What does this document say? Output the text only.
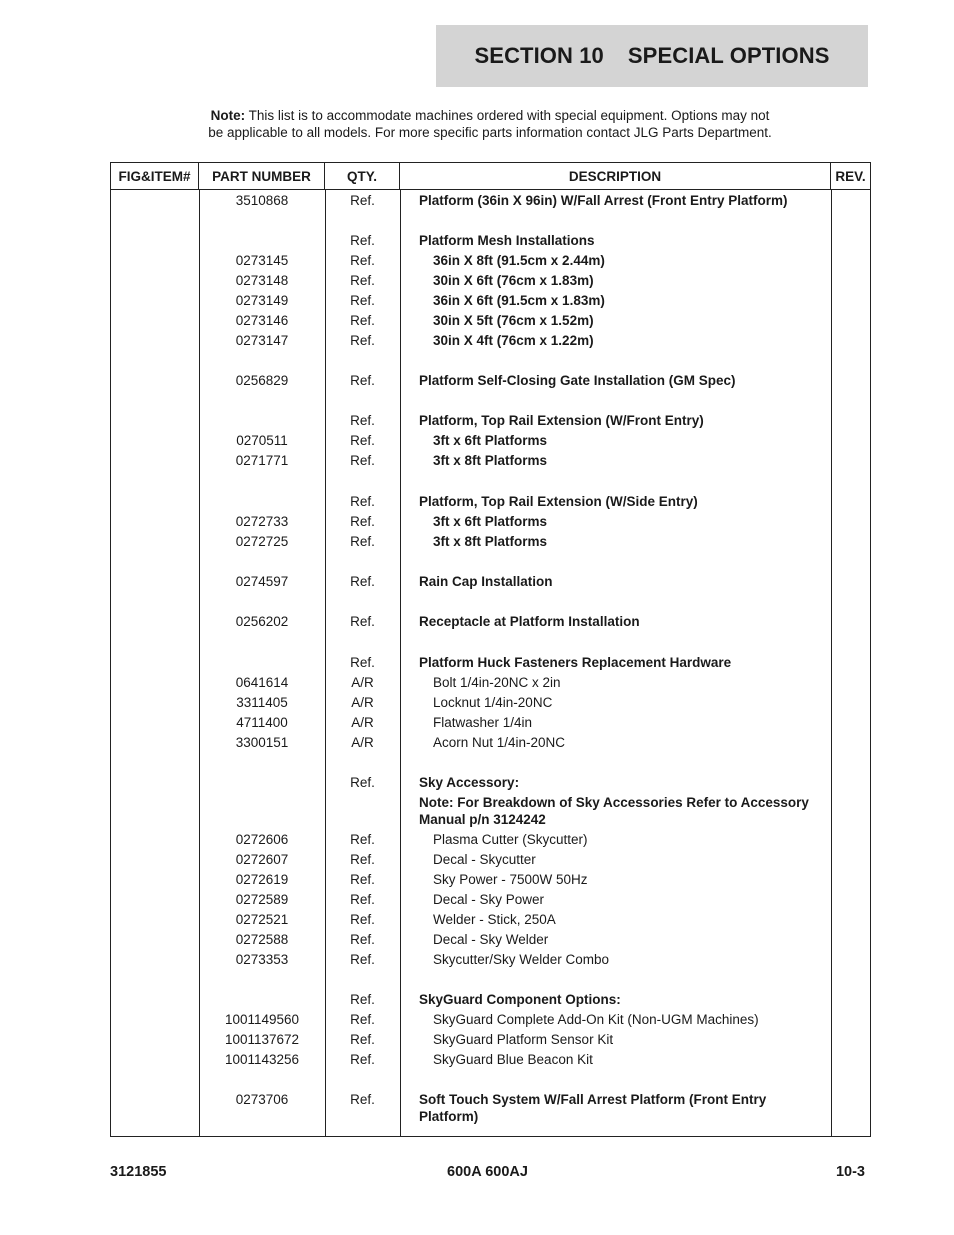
SECTION 10 SPECIAL OPTIONS
Note: This list is to accommodate machines ordered with special equipment. Options may not
be applicable to all models. For more specific parts information contact JLG Parts Department.
FIG&ITEM#	PART NUMBER	QTY.	DESCRIPTION	REV.
3510868	Ref.	Platform (36in X 96in) W/Fall Arrest (Front Entry Platform)
Ref.	Platform Mesh Installations
0273145	Ref.	36in X 8ft (91.5cm x 2.44m)
0273148	Ref.	30in X 6ft (76cm x 1.83m)
0273149	Ref.	36in X 6ft (91.5cm x 1.83m)
0273146	Ref.	30in X 5ft (76cm x 1.52m)
0273147	Ref.	30in X 4ft (76cm x 1.22m)
0256829	Ref.	Platform Self-Closing Gate Installation (GM Spec)
Ref.	Platform, Top Rail Extension (W/Front Entry)
0270511	Ref.	3ft x 6ft Platforms
0271771	Ref.	3ft x 8ft Platforms
Ref.	Platform, Top Rail Extension (W/Side Entry)
0272733	Ref.	3ft x 6ft Platforms
0272725	Ref.	3ft x 8ft Platforms
0274597	Ref.	Rain Cap Installation
0256202	Ref.	Receptacle at Platform Installation
Ref.	Platform Huck Fasteners Replacement Hardware
0641614	A/R	Bolt 1/4in-20NC x 2in
3311405	A/R	Locknut 1/4in-20NC
4711400	A/R	Flatwasher 1/4in
3300151	A/R	Acorn Nut 1/4in-20NC
Ref.	Sky Accessory:
Note: For Breakdown of Sky Accessories Refer to Accessory Manual p/n 3124242
0272606	Ref.	Plasma Cutter (Skycutter)
0272607	Ref.	Decal - Skycutter
0272619	Ref.	Sky Power - 7500W 50Hz
0272589	Ref.	Decal - Sky Power
0272521	Ref.	Welder - Stick, 250A
0272588	Ref.	Decal - Sky Welder
0273353	Ref.	Skycutter/Sky Welder Combo
Ref.	SkyGuard Component Options:
1001149560	Ref.	SkyGuard Complete Add-On Kit (Non-UGM Machines)
1001137672	Ref.	SkyGuard Platform Sensor Kit
1001143256	Ref.	SkyGuard Blue Beacon Kit
0273706	Ref.	Soft Touch System W/Fall Arrest Platform (Front Entry Platform)
3121855	600A 600AJ	10-3
